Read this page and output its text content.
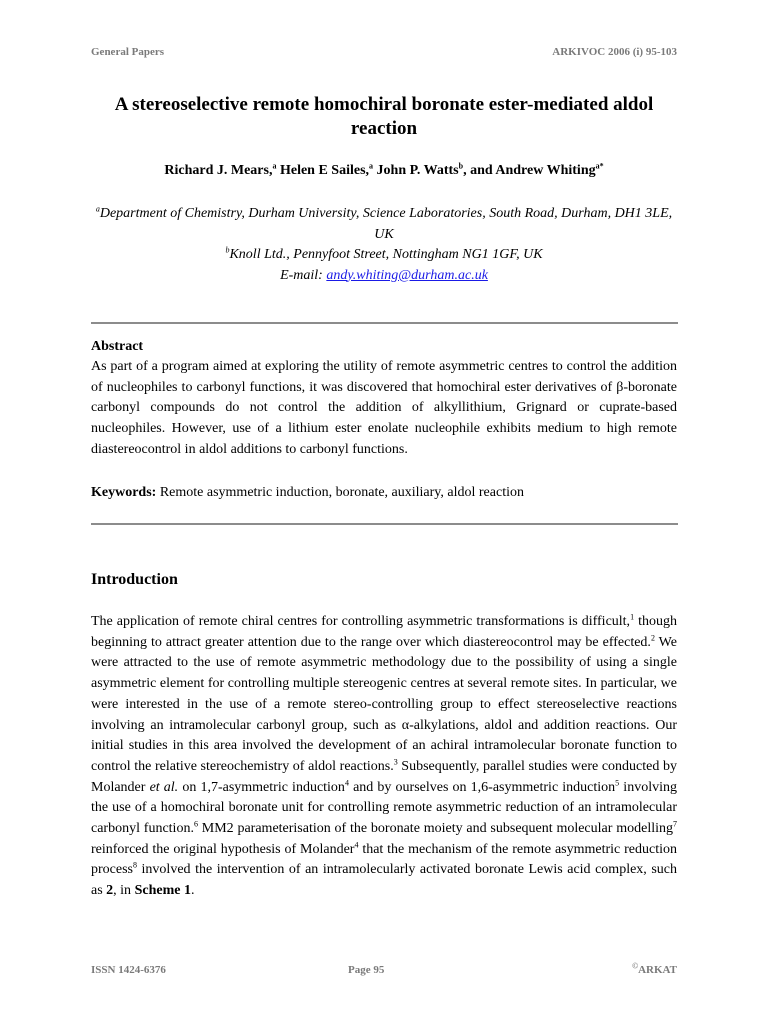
General Papers	ARKIVOC 2006 (i) 95-103
A stereoselective remote homochiral boronate ester-mediated aldol reaction
Richard J. Mears,$^a$ Helen E Sailes,$^a$ John P. Watts$^b$, and Andrew Whiting$^{a*}$
$^a$Department of Chemistry, Durham University, Science Laboratories, South Road, Durham, DH1 3LE, UK
$^b$Knoll Ltd., Pennyfoot Street, Nottingham NG1 1GF, UK
E-mail: andy.whiting@durham.ac.uk
Abstract
As part of a program aimed at exploring the utility of remote asymmetric centres to control the addition of nucleophiles to carbonyl functions, it was discovered that homochiral ester derivatives of β-boronate carbonyl compounds do not control the addition of alkyllithium, Grignard or cuprate-based nucleophiles. However, use of a lithium ester enolate nucleophile exhibits medium to high remote diastereocontrol in aldol additions to carbonyl functions.
Keywords: Remote asymmetric induction, boronate, auxiliary, aldol reaction
Introduction
The application of remote chiral centres for controlling asymmetric transformations is difficult,$^1$ though beginning to attract greater attention due to the range over which diastereocontrol may be effected.$^2$ We were attracted to the use of remote asymmetric methodology due to the possibility of using a single asymmetric element for controlling multiple stereogenic centres at several remote sites. In particular, we were interested in the use of a remote stereo-controlling group to effect stereoselective reactions involving an intramolecular carbonyl group, such as α-alkylations, aldol and addition reactions. Our initial studies in this area involved the development of an achiral intramolecular boronate function to control the relative stereochemistry of aldol reactions.$^3$ Subsequently, parallel studies were conducted by Molander et al. on 1,7-asymmetric induction$^4$ and by ourselves on 1,6-asymmetric induction$^5$ involving the use of a homochiral boronate unit for controlling remote asymmetric reduction of an intramolecular carbonyl function.$^6$ MM2 parameterisation of the boronate moiety and subsequent molecular modelling$^7$ reinforced the original hypothesis of Molander$^4$ that the mechanism of the remote asymmetric reduction process$^8$ involved the intervention of an intramolecularly activated boronate Lewis acid complex, such as 2, in Scheme 1.
ISSN 1424-6376	Page 95	©ARKAT
